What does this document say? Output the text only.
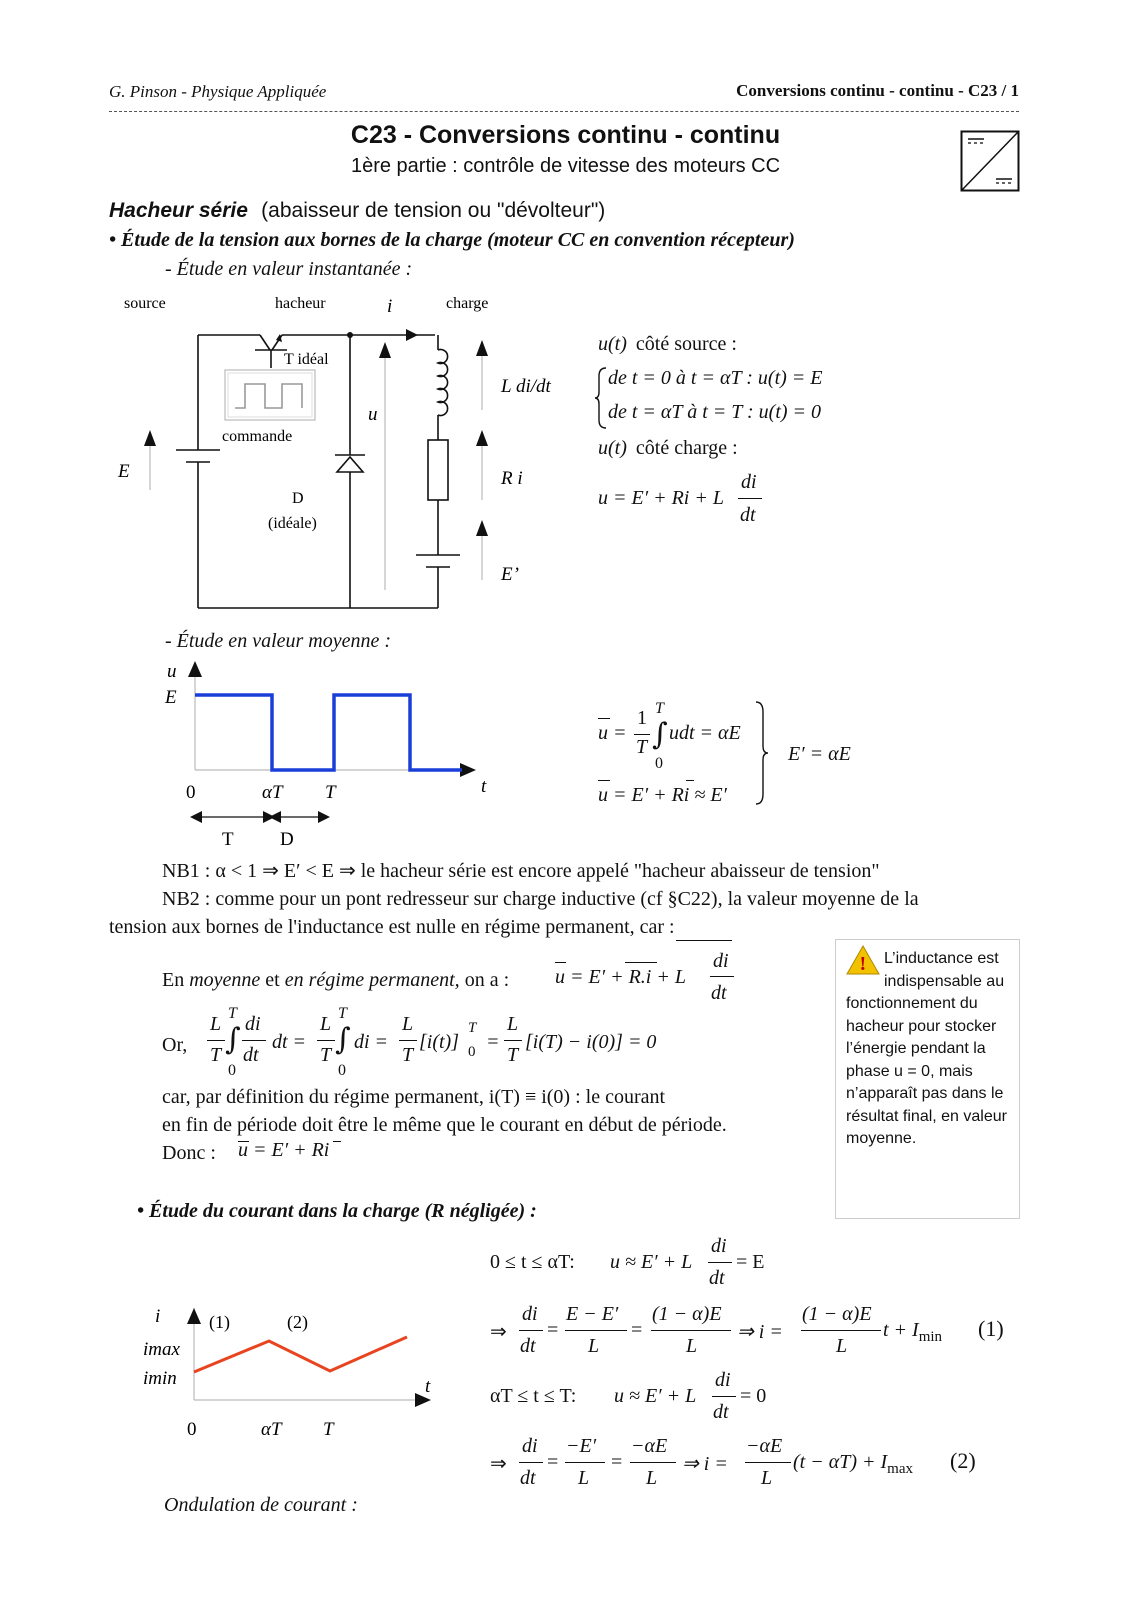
G. Pinson - Physique Appliquée	Conversions continu - continu - C23 / 1
C23 - Conversions continu - continu
1ère partie : contrôle de vitesse des moteurs CC
Hacheur série (abaisseur de tension ou "dévolteur")
• Étude de la tension aux bornes de la charge (moteur CC en convention récepteur)
- Étude en valeur instantanée :
source	hacheur	i	charge
T idéal
commande
E
u
D
(idéale)
L di/dt
R i
E’
u(t) côté source :
de t = 0 à t = αT : u(t) = E
de t = αT à t = T : u(t) = 0
u(t) côté charge :
u = E′ + Ri + L
di
dt
- Étude en valeur moyenne :
u
E
0	αT T	t
T D
u =
1
T
T
∫
0
udt = αE
u = E′ + Ri ≈ E′
E′ = αE
NB1 : α < 1 ⇒ E′ < E ⇒ le hacheur série est encore appelé "hacheur abaisseur de tension"
NB2 : comme pour un pont redresseur sur charge inductive (cf §C22), la valeur moyenne de la
tension aux bornes de l'inductance est nulle en régime permanent, car :
En moyenne et en régime permanent, on a : u = E′ + R.i + L
di
dt
Or,
L
T
T
∫
0
di
dt
dt =
L
T
T
∫
0
di =
L
T
[i(t)]
T
0 =
L
T
[i(T) − i(0)] = 0
car, par définition du régime permanent, i(T) ≡ i(0) : le courant
en fin de période doit être le même que le courant en début de période.
Donc : u = E′ + Ri
! L’inductance est indispensable au fonctionnement du hacheur pour stocker l’énergie pendant la phase u = 0, mais n’apparaît pas dans le résultat final, en valeur moyenne.
• Étude du courant dans la charge (R négligée) :
i
imax
imin
(1)	(2)
0	αT T
t
0 ≤ t ≤ αT: u ≈ E′ + L
di
dt
= E
⇒
di
dt
=
E − E′
L
=
(1 − α)E
L
⇒ i =
(1 − α)E
L
$t + I_{min}$ (1)
αT ≤ t ≤ T: u ≈ E′ + L
di
dt
= 0
⇒
di
dt
=
−E′
L
=
−αE
L
⇒ i =
−αE
L
$(t - \alpha T) + I_{max}$ (2)
Ondulation de courant :
